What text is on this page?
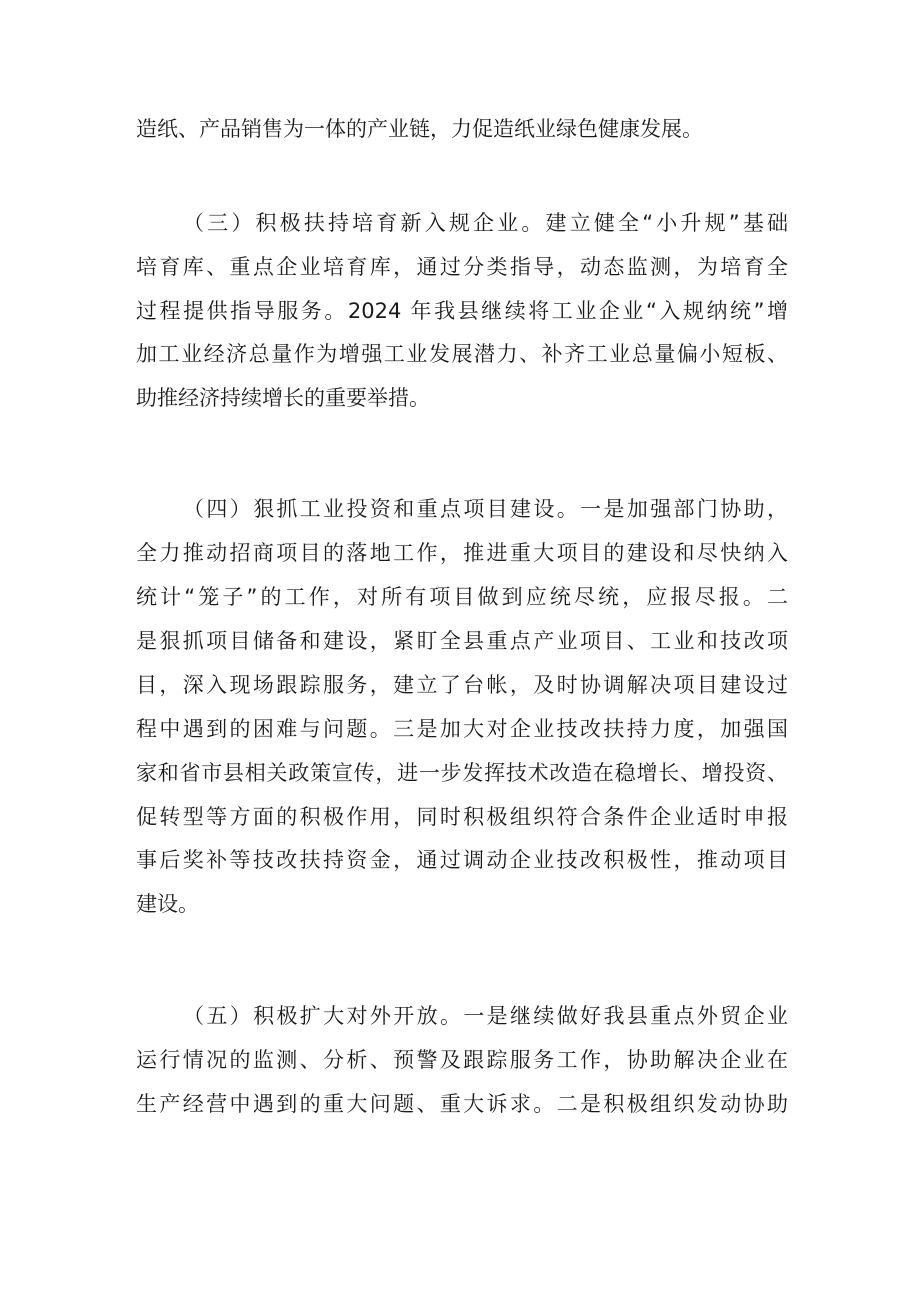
造纸、产品销售为一体的产业链，力促造纸业绿色健康发展。
（三）积极扶持培育新入规企业。建立健全“小升规”基础
培育库、重点企业培育库，通过分类指导，动态监测，为培育全
过程提供指导服务。2024 年我县继续将工业企业“入规纳统”增
加工业经济总量作为增强工业发展潜力、补齐工业总量偏小短板、
助推经济持续增长的重要举措。
（四）狠抓工业投资和重点项目建设。一是加强部门协助，
全力推动招商项目的落地工作，推进重大项目的建设和尽快纳入
统计“笼子”的工作，对所有项目做到应统尽统，应报尽报。二
是狠抓项目储备和建设，紧盯全县重点产业项目、工业和技改项
目，深入现场跟踪服务，建立了台帐，及时协调解决项目建设过
程中遇到的困难与问题。三是加大对企业技改扶持力度，加强国
家和省市县相关政策宣传，进一步发挥技术改造在稳增长、增投资、
促转型等方面的积极作用，同时积极组织符合条件企业适时申报
事后奖补等技改扶持资金，通过调动企业技改积极性，推动项目
建设。
（五）积极扩大对外开放。一是继续做好我县重点外贸企业
运行情况的监测、分析、预警及跟踪服务工作，协助解决企业在
生产经营中遇到的重大问题、重大诉求。二是积极组织发动协助
